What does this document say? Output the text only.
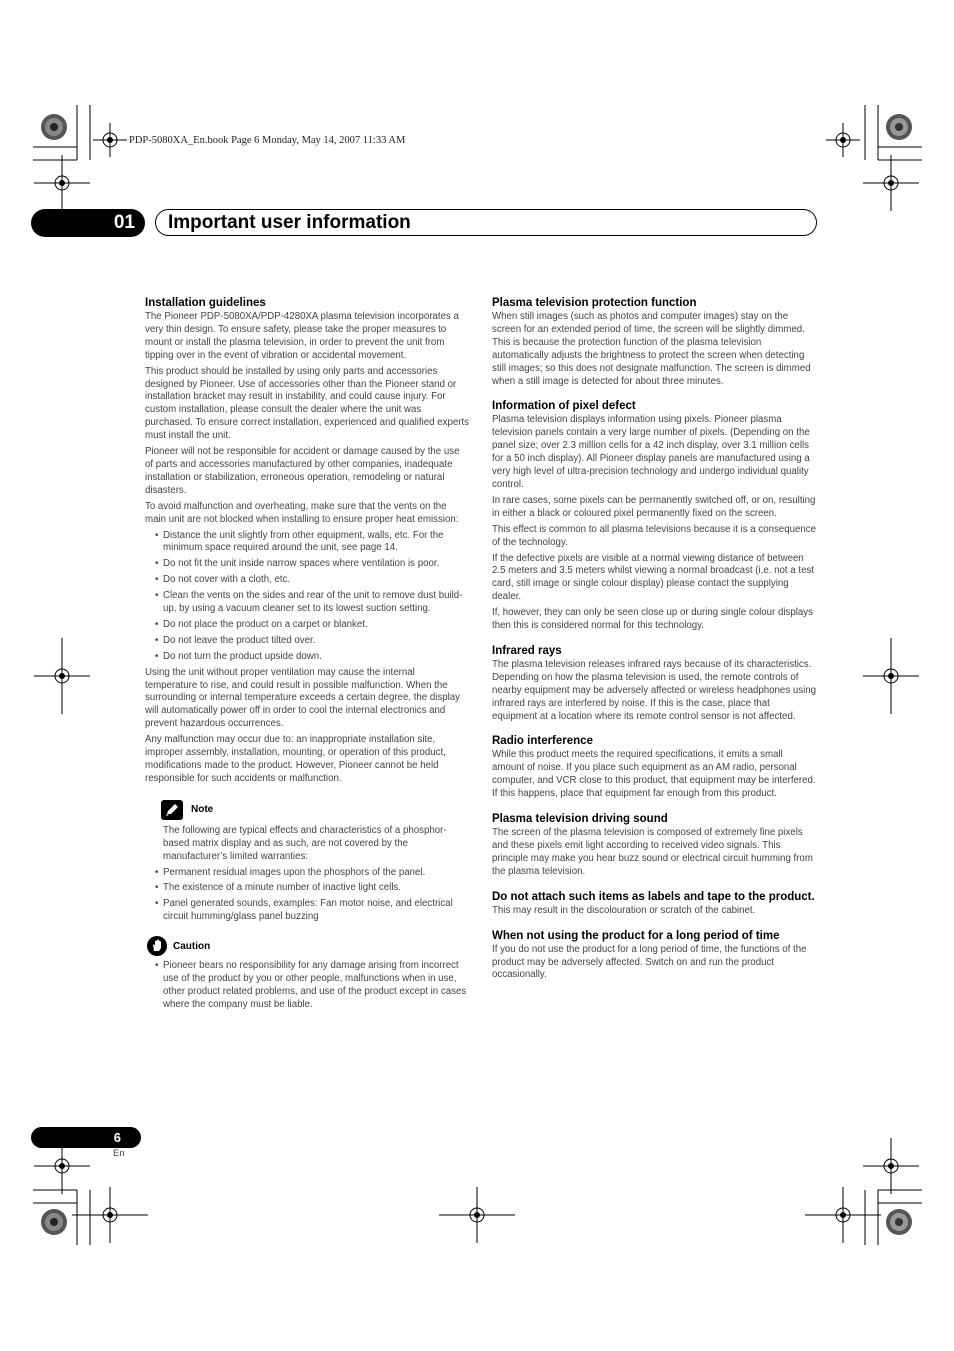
PDP-5080XA_En.book Page 6 Monday, May 14, 2007 11:33 AM
01	Important user information
Installation guidelines

The Pioneer PDP-5080XA/PDP-4280XA plasma television incorporates a very thin design. To ensure safety, please take the proper measures to mount or install the plasma television, in order to prevent the unit from tipping over in the event of vibration or accidental movement.

This product should be installed by using only parts and accessories designed by Pioneer. Use of accessories other than the Pioneer stand or installation bracket may result in instability, and could cause injury. For custom installation, please consult the dealer where the unit was purchased. To ensure correct installation, experienced and qualified experts must install the unit.

Pioneer will not be responsible for accident or damage caused by the use of parts and accessories manufactured by other companies, inadequate installation or stabilization, erroneous operation, remodeling or natural disasters.

To avoid malfunction and overheating, make sure that the vents on the main unit are not blocked when installing to ensure proper heat emission:

• Distance the unit slightly from other equipment, walls, etc. For the minimum space required around the unit, see page 14.
• Do not fit the unit inside narrow spaces where ventilation is poor.
• Do not cover with a cloth, etc.
• Clean the vents on the sides and rear of the unit to remove dust build-up, by using a vacuum cleaner set to its lowest suction setting.
• Do not place the product on a carpet or blanket.
• Do not leave the product tilted over.
• Do not turn the product upside down.

Using the unit without proper ventilation may cause the internal temperature to rise, and could result in possible malfunction. When the surrounding or internal temperature exceeds a certain degree, the display will automatically power off in order to cool the internal electronics and prevent hazardous occurrences.

Any malfunction may occur due to: an inappropriate installation site, improper assembly, installation, mounting, or operation of this product, modifications made to the product. However, Pioneer cannot be held responsible for such accidents or malfunction.

Note

The following are typical effects and characteristics of a phosphor-based matrix display and as such, are not covered by the manufacturer’s limited warranties:

• Permanent residual images upon the phosphors of the panel.
• The existence of a minute number of inactive light cells.
• Panel generated sounds, examples: Fan motor noise, and electrical circuit humming/glass panel buzzing
Caution
• Pioneer bears no responsibility for any damage arising from incorrect use of the product by you or other people, malfunctions when in use, other product related problems, and use of the product except in cases where the company must be liable.
Plasma television protection function

When still images (such as photos and computer images) stay on the screen for an extended period of time, the screen will be slightly dimmed. This is because the protection function of the plasma television automatically adjusts the brightness to protect the screen when detecting still images; so this does not designate malfunction. The screen is dimmed when a still image is detected for about three minutes.

Information of pixel defect

Plasma television displays information using pixels. Pioneer plasma television panels contain a very large number of pixels. (Depending on the panel size; over 2.3 million cells for a 42 inch display, over 3.1 million cells for a 50 inch display). All Pioneer display panels are manufactured using a very high level of ultra-precision technology and undergo individual quality control.

In rare cases, some pixels can be permanently switched off, or on, resulting in either a black or coloured pixel permanently fixed on the screen.

This effect is common to all plasma televisions because it is a consequence of the technology.

If the defective pixels are visible at a normal viewing distance of between 2.5 meters and 3.5 meters whilst viewing a normal broadcast (i.e. not a test card, still image or single colour display) please contact the supplying dealer.

If, however, they can only be seen close up or during single colour displays then this is considered normal for this technology.

Infrared rays

The plasma television releases infrared rays because of its characteristics. Depending on how the plasma television is used, the remote controls of nearby equipment may be adversely affected or wireless headphones using infrared rays are interfered by noise. If this is the case, place that equipment at a location where its remote control sensor is not affected.

Radio interference

While this product meets the required specifications, it emits a small amount of noise. If you place such equipment as an AM radio, personal computer, and VCR close to this product, that equipment may be interfered. If this happens, place that equipment far enough from this product.

Plasma television driving sound

The screen of the plasma television is composed of extremely fine pixels and these pixels emit light according to received video signals. This principle may make you hear buzz sound or electrical circuit humming from the plasma television.

Do not attach such items as labels and tape to the product.

This may result in the discolouration or scratch of the cabinet.

When not using the product for a long period of time

If you do not use the product for a long period of time, the functions of the product may be adversely affected. Switch on and run the product occasionally.

6
En
